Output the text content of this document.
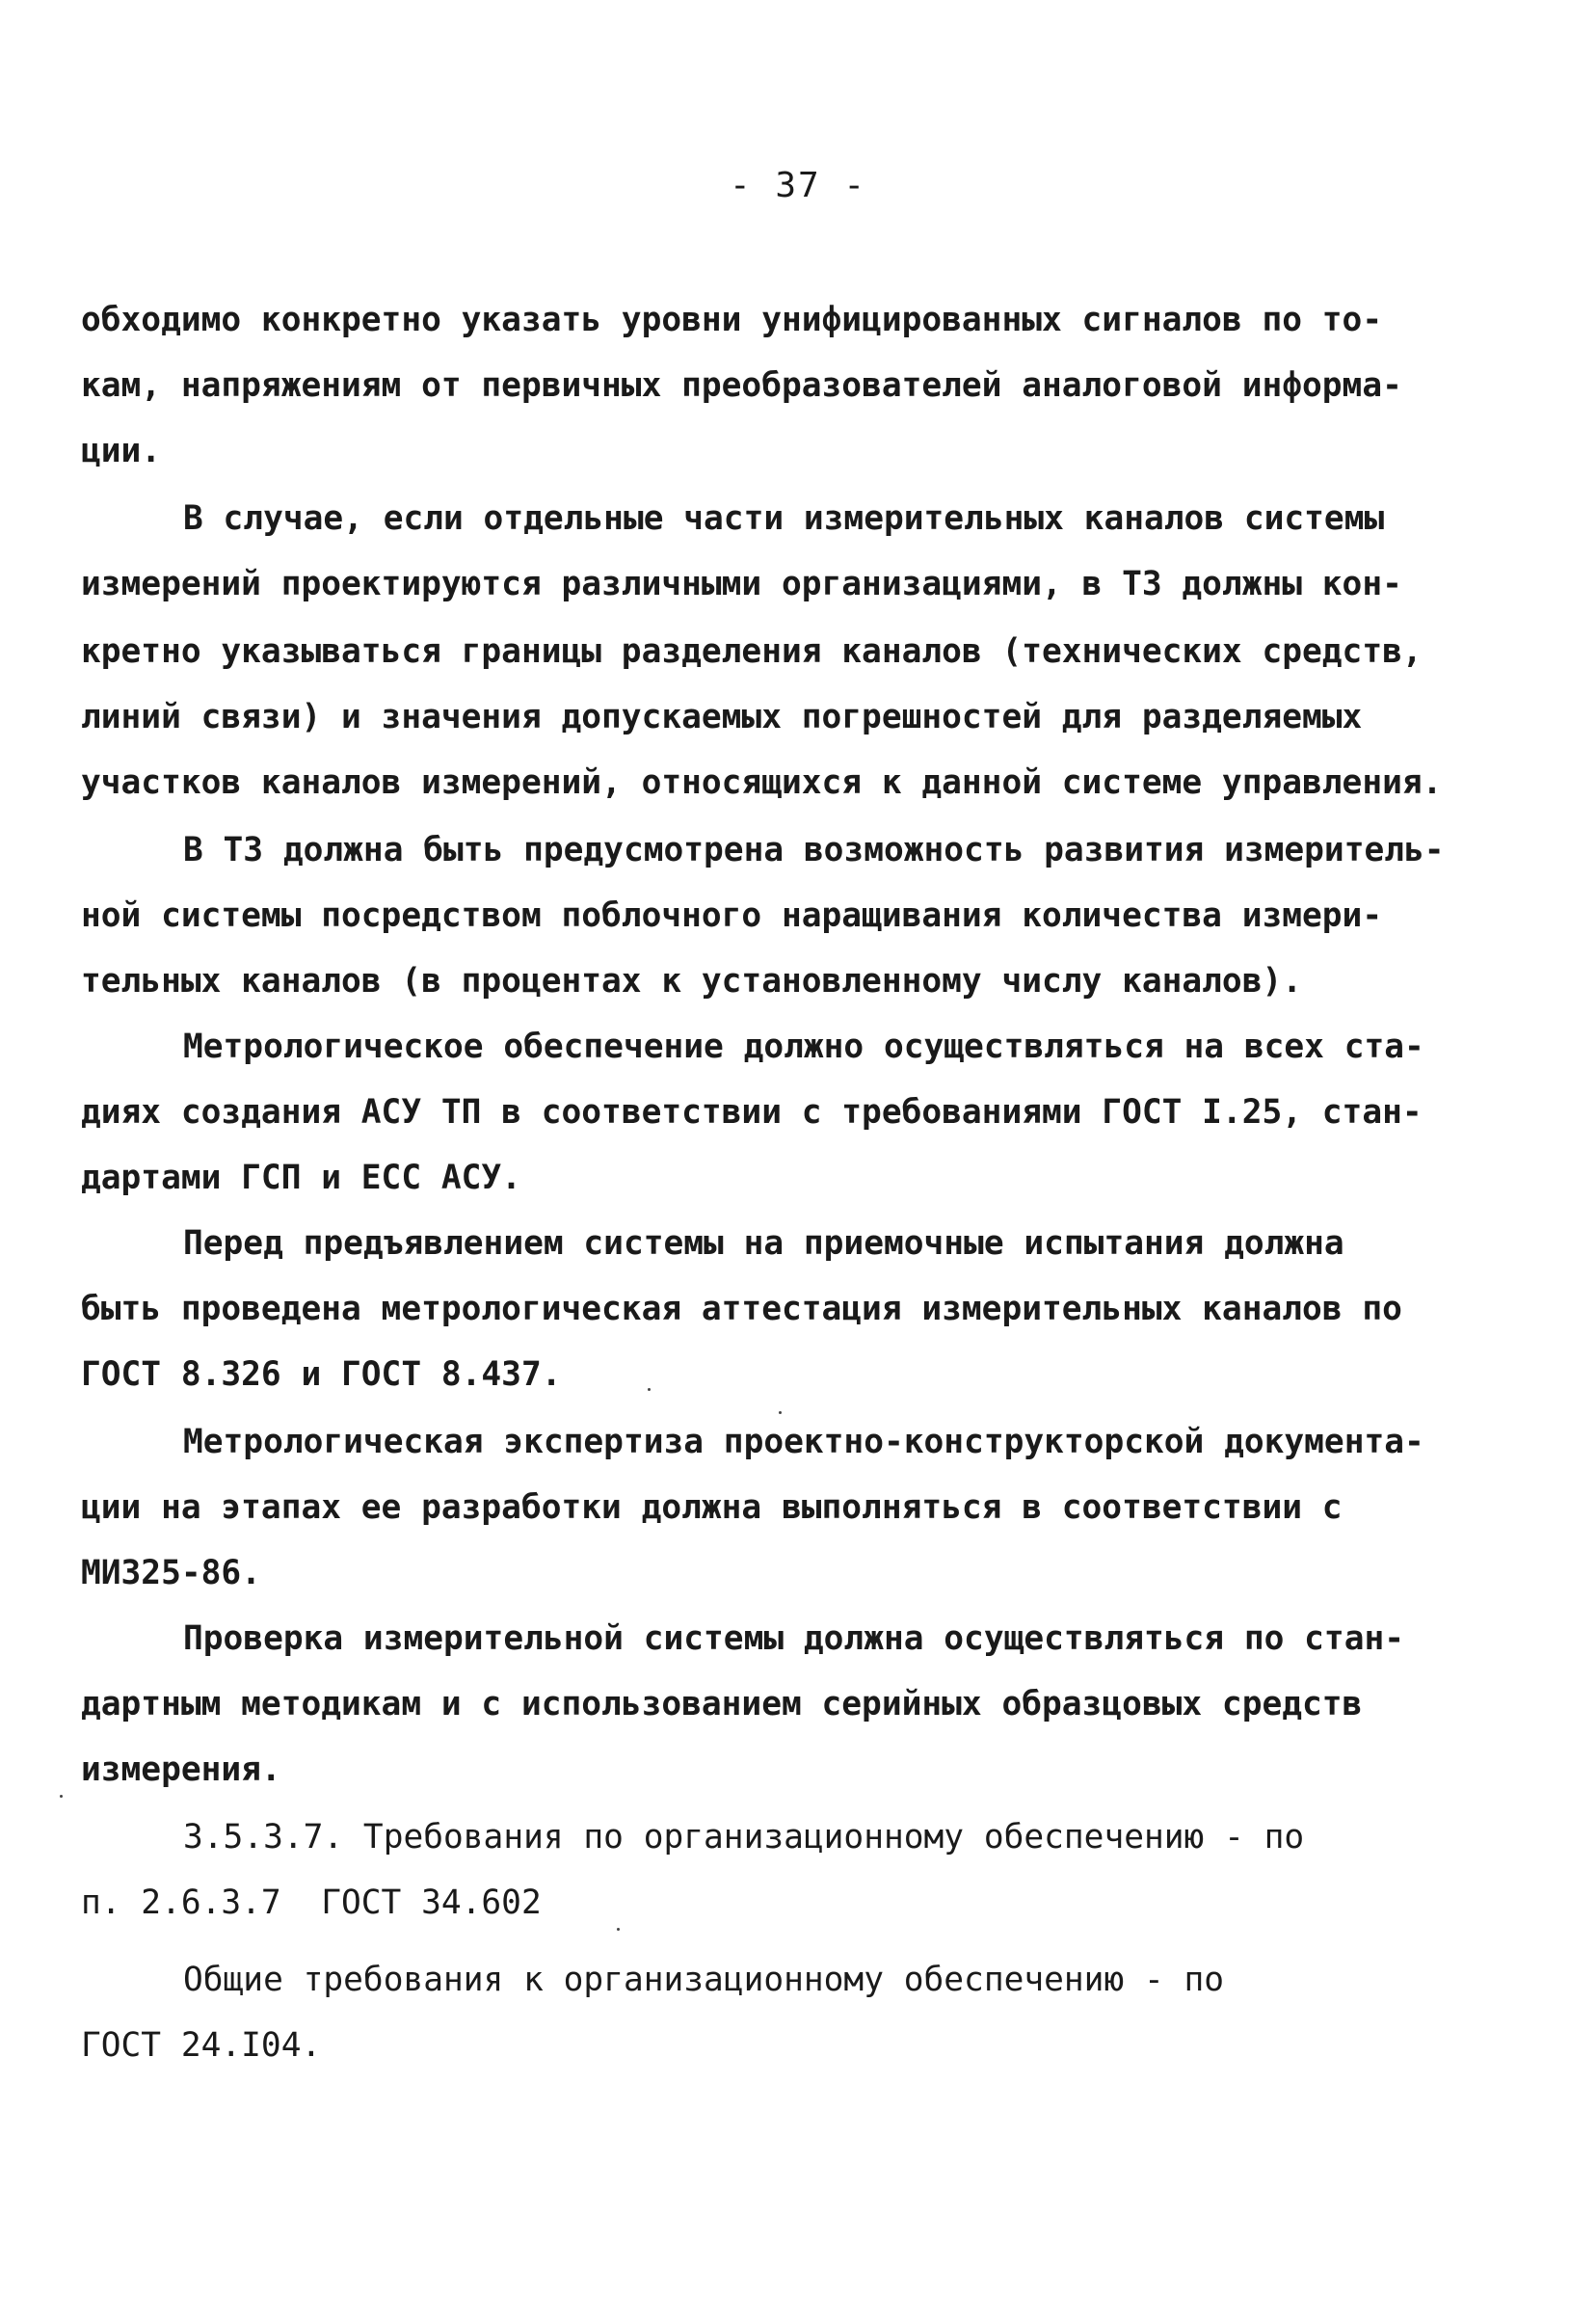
- 37 -
обходимо конкретно указать уровни унифицированных сигналов по то-
кам, напряжениям от первичных преобразователей аналоговой информа-
ции.
В случае, если отдельные части измерительных каналов системы
измерений проектируются различными организациями, в ТЗ должны кон-
кретно указываться границы разделения каналов (технических средств,
линий связи) и значения допускаемых погрешностей для разделяемых
участков каналов измерений, относящихся к данной системе управления.
В ТЗ должна быть предусмотрена возможность развития измеритель-
ной системы посредством поблочного наращивания количества измери-
тельных каналов (в процентах к установленному числу каналов).
Метрологическое обеспечение должно осуществляться на всех ста-
диях создания АСУ ТП в соответствии с требованиями ГОСТ I.25, стан-
дартами ГСП и ЕСС АСУ.
Перед предъявлением системы на приемочные испытания должна
быть проведена метрологическая аттестация измерительных каналов по
ГОСТ 8.326 и ГОСТ 8.437.
Метрологическая экспертиза проектно-конструкторской документа-
ции на этапах ее разработки должна выполняться в соответствии с
МИ325-86.
Проверка измерительной системы должна осуществляться по стан-
дартным методикам и с использованием серийных образцовых средств
измерения.
3.5.3.7. Требования по организационному обеспечению - по
п. 2.6.3.7  ГОСТ 34.602
Общие требования к организационному обеспечению - по
ГОСТ 24.I04.
